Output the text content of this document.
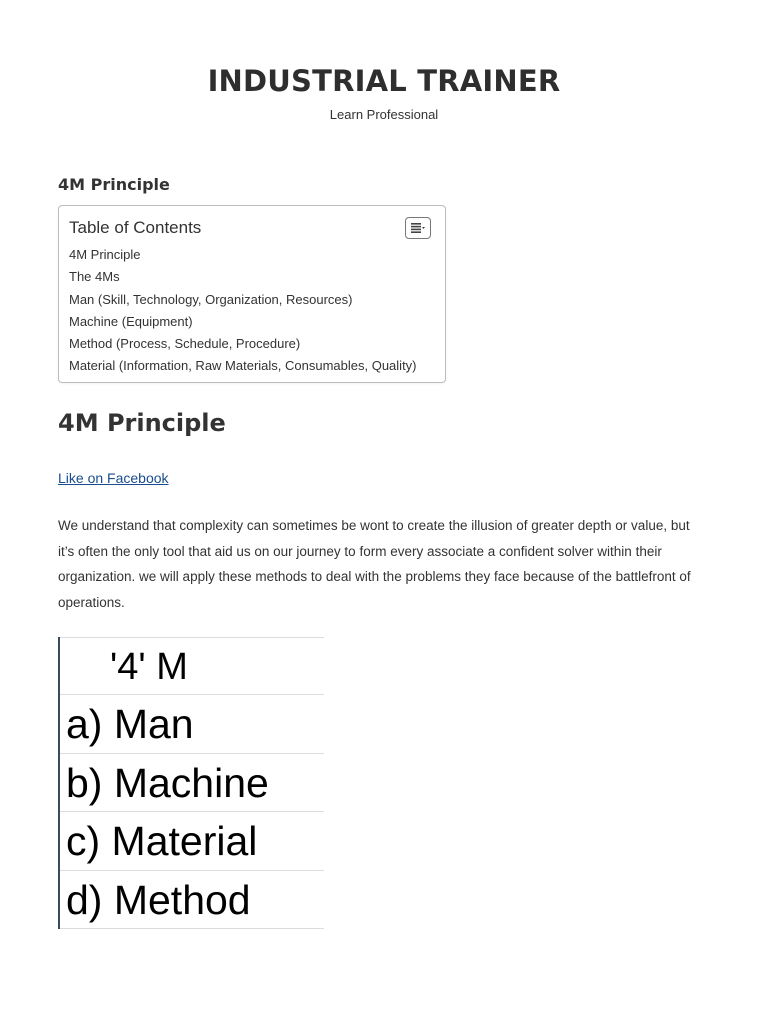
INDUSTRIAL TRAINER
Learn Professional
4M Principle
Table of Contents
4M Principle
The 4Ms
Man (Skill, Technology, Organization, Resources)
Machine (Equipment)
Method (Process, Schedule, Procedure)
Material (Information, Raw Materials, Consumables, Quality)
4M Principle
Like on Facebook

We understand that complexity can sometimes be wont to create the illusion of greater depth or value, but it’s often the only tool that aid us on our journey to form every associate a confident solver within their organization. we will apply these methods to deal with the problems they face because of the battlefront of operations.

'4' M
a) Man
b) Machine
c) Material
d) Method
